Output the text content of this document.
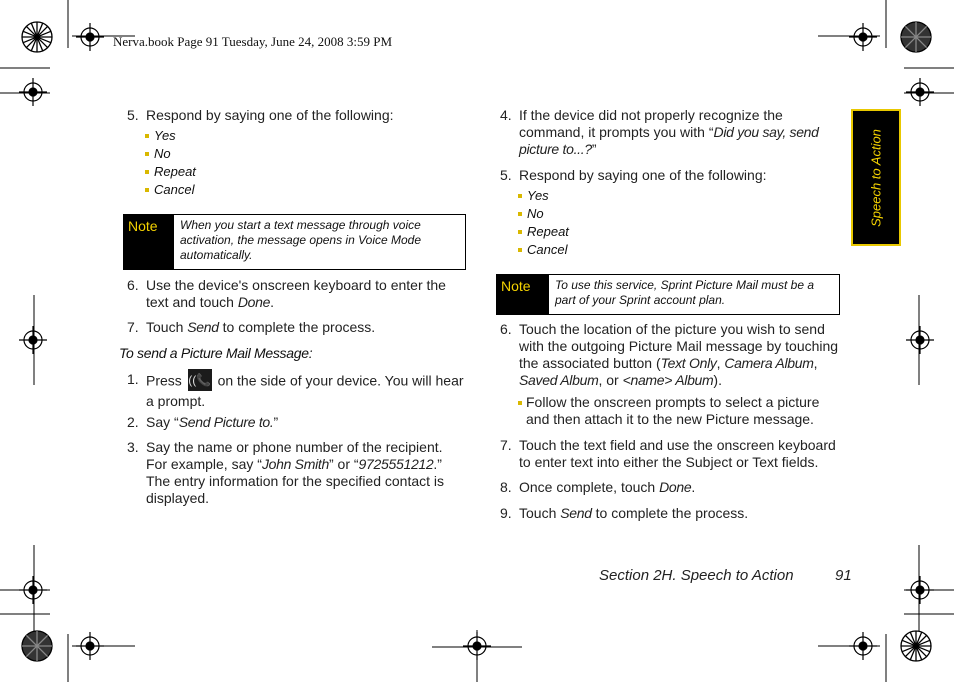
Nerva.book Page 91 Tuesday, June 24, 2008 3:59 PM
5. Respond by saying one of the following:
Yes
No
Repeat
Cancel
Note	When you start a text message through voice activation, the message opens in Voice Mode automatically.
6. Use the device's onscreen keyboard to enter the text and touch Done.
7. Touch Send to complete the process.
To send a Picture Mail Message:
1. Press ((📞 on the side of your device. You will hear a prompt.
2. Say “Send Picture to.”
3. Say the name or phone number of the recipient. For example, say “John Smith” or “9725551212.” The entry information for the specified contact is displayed.
4. If the device did not properly recognize the command, it prompts you with “Did you say, send picture to...?”
5. Respond by saying one of the following:
Yes
No
Repeat
Cancel
Note	To use this service, Sprint Picture Mail must be a part of your Sprint account plan.
6. Touch the location of the picture you wish to send with the outgoing Picture Mail message by touching the associated button (Text Only, Camera Album, Saved Album, or <name> Album).
Follow the onscreen prompts to select a picture and then attach it to the new Picture message.
7. Touch the text field and use the onscreen keyboard to enter text into either the Subject or Text fields.
8. Once complete, touch Done.
9. Touch Send to complete the process.
Speech to Action
Section 2H. Speech to Action	91
